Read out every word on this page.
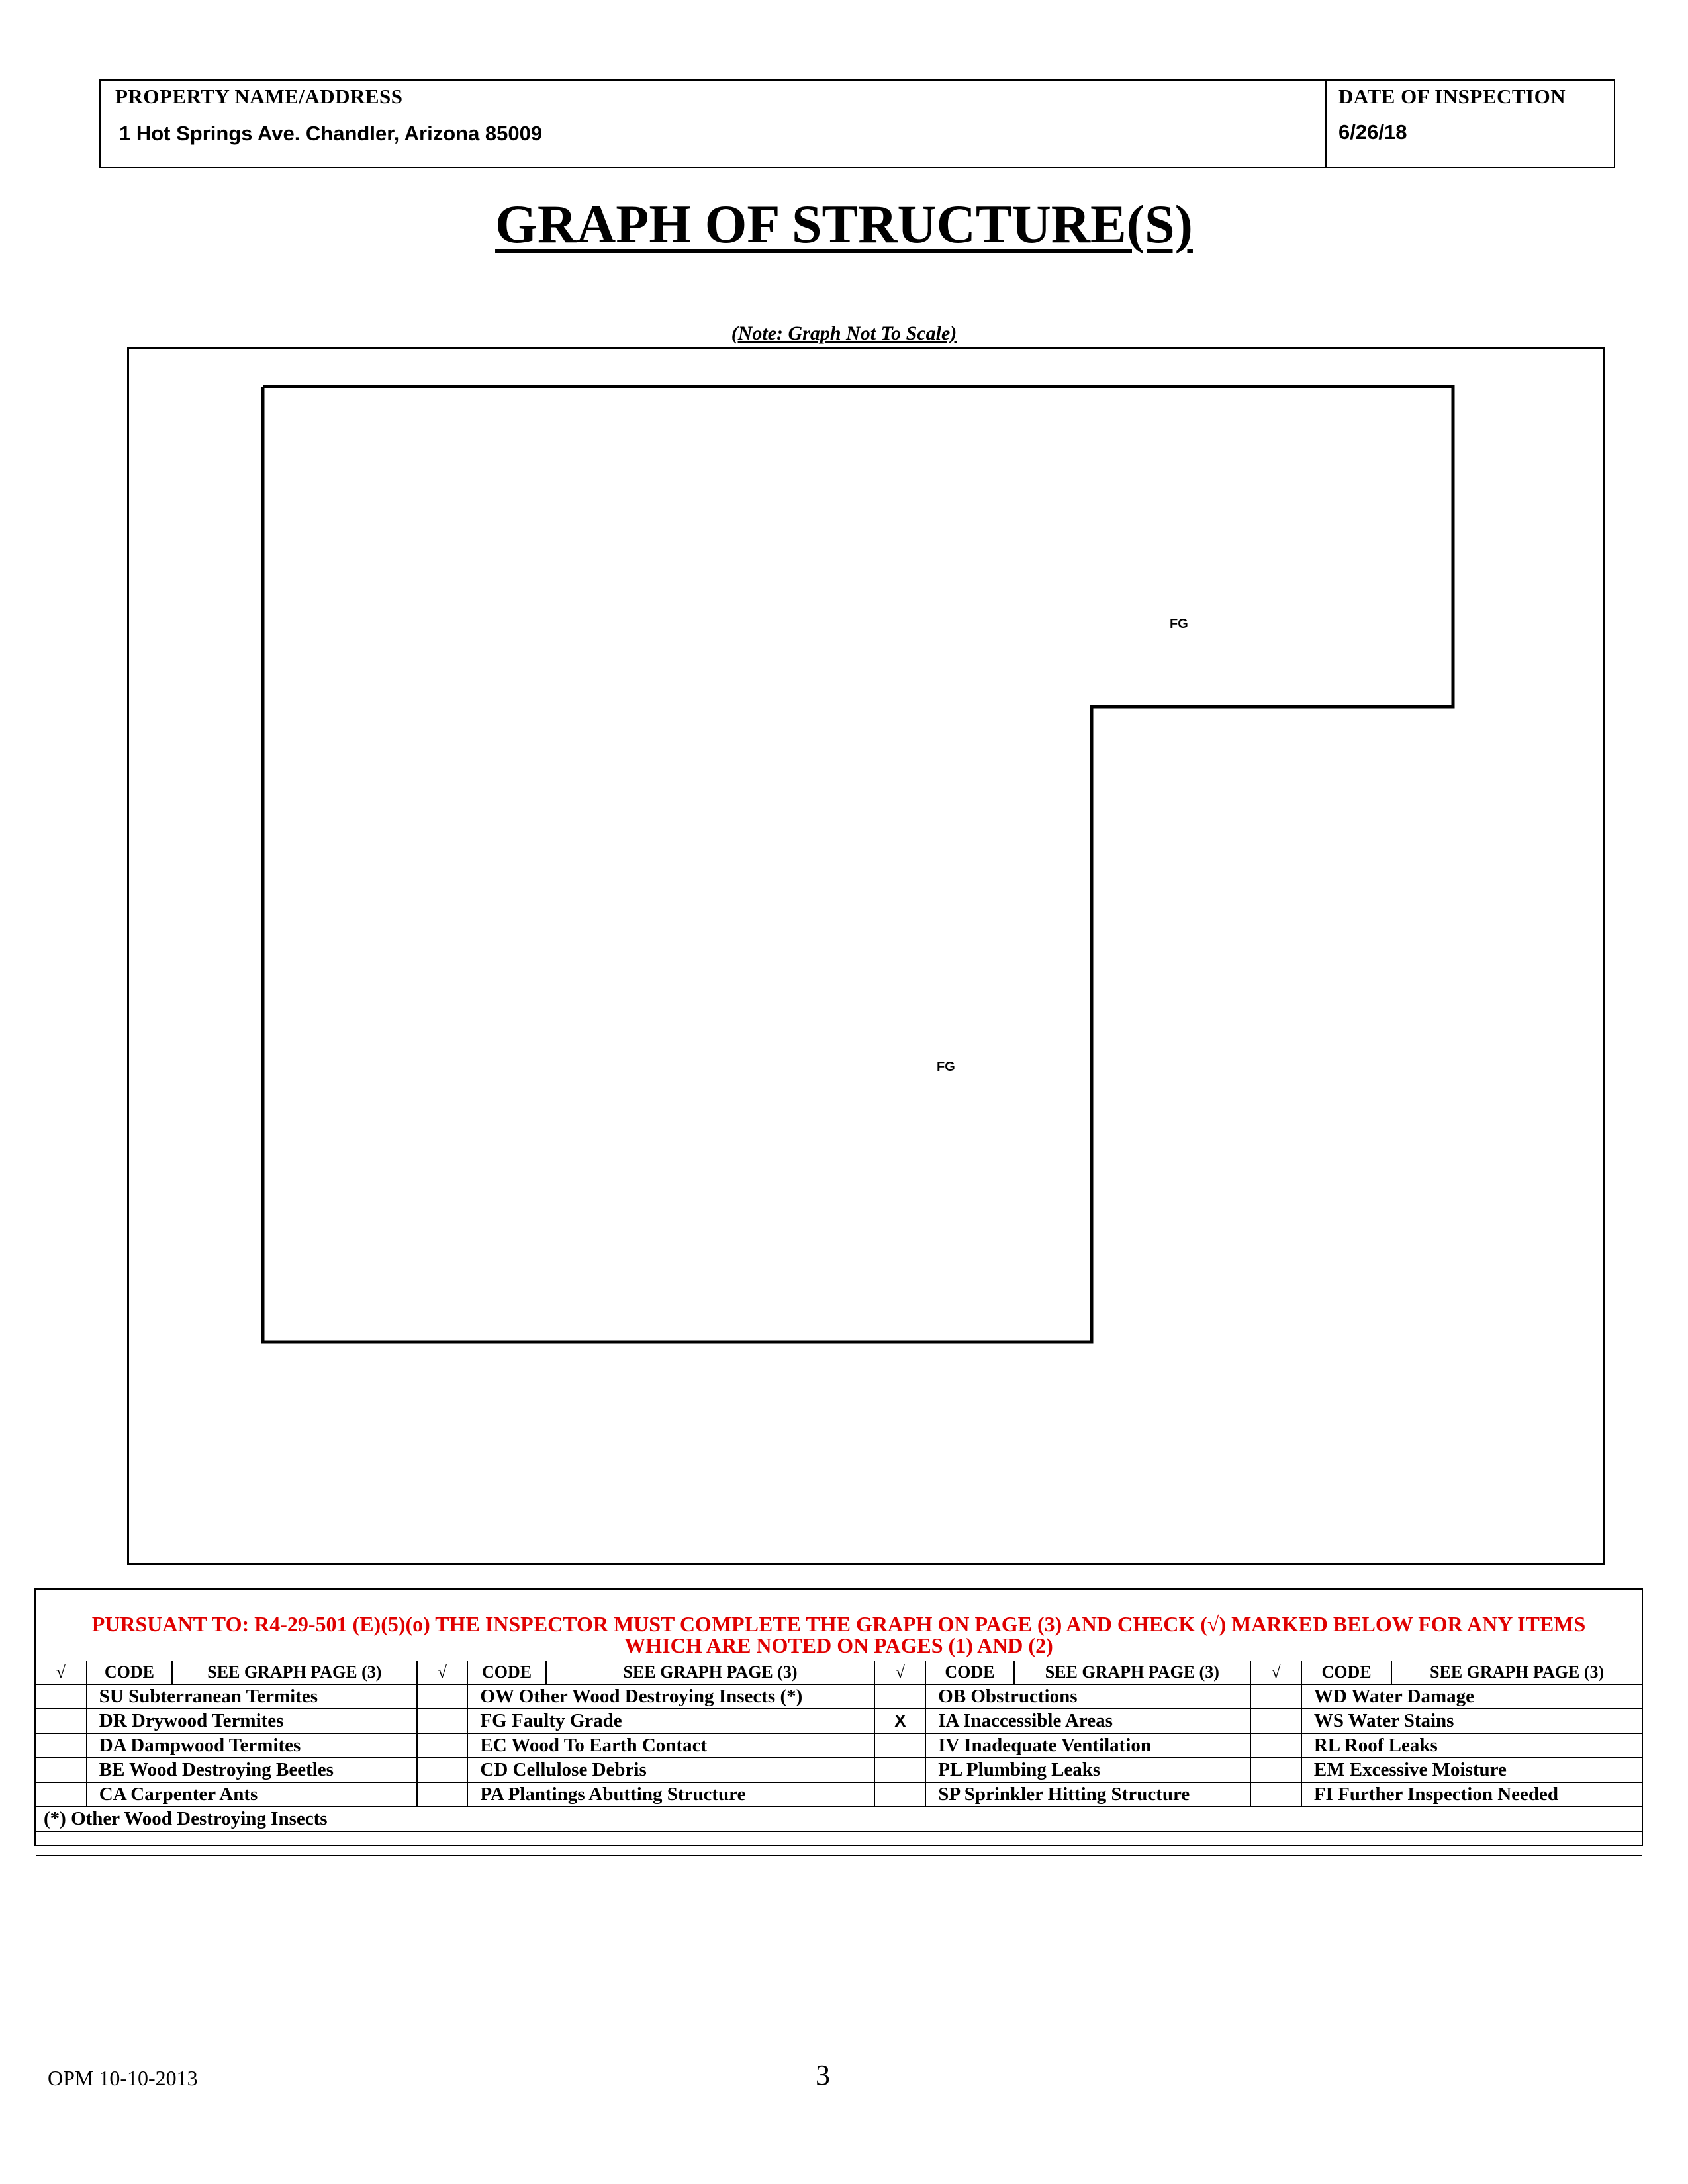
PROPERTY NAME/ADDRESS
1 Hot Springs Ave. Chandler, Arizona 85009
DATE OF INSPECTION
6/26/18
GRAPH OF STRUCTURE(S)
(Note: Graph Not To Scale)
FG
FG
PURSUANT TO: R4-29-501 (E)(5)(o) THE INSPECTOR MUST COMPLETE THE GRAPH ON PAGE (3) AND CHECK (√) MARKED BELOW FOR ANY ITEMS
WHICH ARE NOTED ON PAGES (1) AND (2)
√	CODE	SEE GRAPH PAGE (3)	√	CODE	SEE GRAPH PAGE (3)	√	CODE	SEE GRAPH PAGE (3)	√	CODE	SEE GRAPH PAGE (3)
	SU Subterranean Termites			OW Other Wood Destroying Insects (*)			OB Obstructions			WD Water Damage	
	DR Drywood Termites			FG Faulty Grade		X	IA Inaccessible Areas			WS Water Stains	
	DA Dampwood Termites			EC Wood To Earth Contact			IV Inadequate Ventilation			RL Roof Leaks	
	BE Wood Destroying Beetles			CD Cellulose Debris			PL Plumbing Leaks			EM Excessive Moisture	
	CA Carpenter Ants			PA Plantings Abutting Structure			SP Sprinkler Hitting Structure			FI Further Inspection Needed	
(*) Other Wood Destroying Insects											

OPM 10-10-2013	3
